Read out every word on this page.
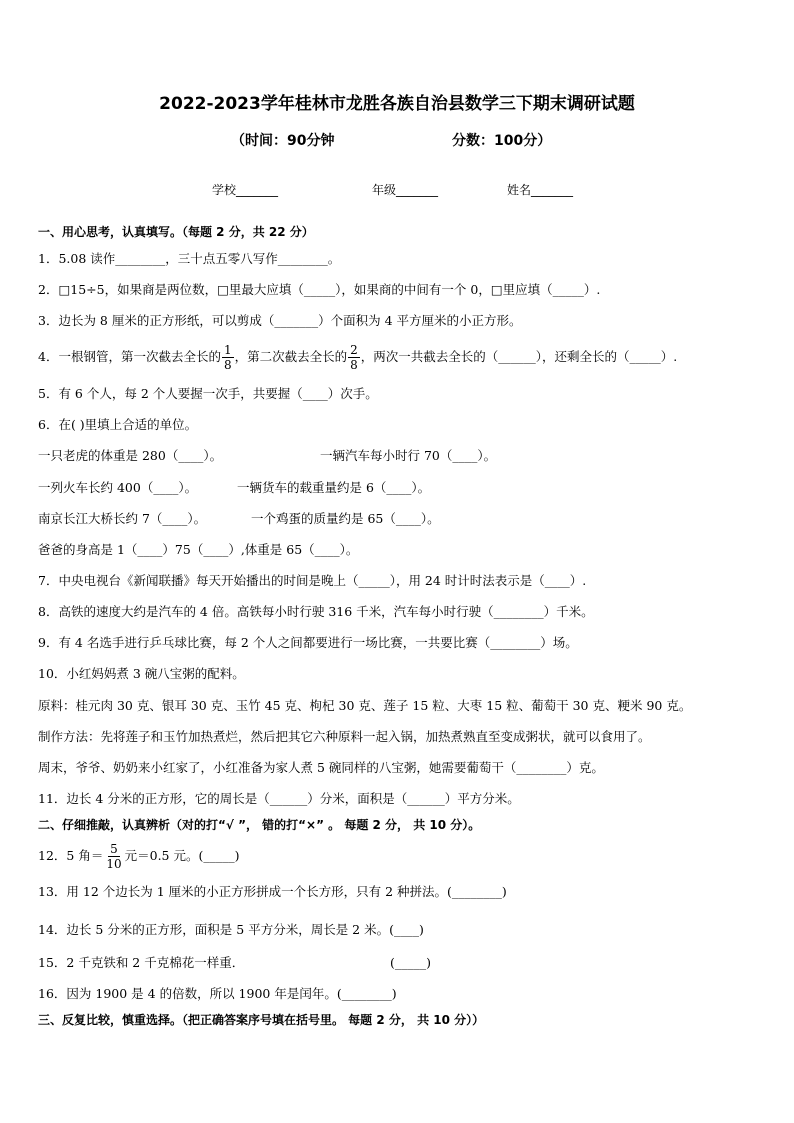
2022-2023学年桂林市龙胜各族自治县数学三下期末调研试题
（时间：90分钟	分数：100分）
学校_______	年级_______	姓名_______
一、用心思考，认真填写。（每题 2 分，共 22 分）
1．5.08 读作________，三十点五零八写作________。
2．□15÷5，如果商是两位数，□里最大应填（_____），如果商的中间有一个 0，□里应填（_____）.
3．边长为 8 厘米的正方形纸，可以剪成（_______）个面积为 4 平方厘米的小正方形。
4．一根钢管，第一次截去全长的 $\frac{1}{8}$ ，第二次截去全长的 $\frac{2}{8}$ ，两次一共截去全长的（______），还剩全长的（_____）.
5．有 6 个人，每 2 个人要握一次手，共要握（____）次手。
6．在( )里填上合适的单位。
一只老虎的体重是 280（____）。	一辆汽车每小时行 70（____）。
一列火车长约 400（____）。	一辆货车的载重量约是 6（____）。
南京长江大桥长约 7（____）。	一个鸡蛋的质量约是 65（____）。
爸爸的身高是 1（____）75（____）,体重是 65（____）。
7．中央电视台《新闻联播》每天开始播出的时间是晚上（_____），用 24 时计时法表示是（____）.
8．高铁的速度大约是汽车的 4 倍。高铁每小时行驶 316 千米，汽车每小时行驶（________）千米。
9．有 4 名选手进行乒乓球比赛，每 2 个人之间都要进行一场比赛，一共要比赛（________）场。
10．小红妈妈煮 3 碗八宝粥的配料。
原料：桂元肉 30 克、银耳 30 克、玉竹 45 克、枸杞 30 克、莲子 15 粒、大枣 15 粒、葡萄干 30 克、粳米 90 克。
制作方法：先将莲子和玉竹加热煮烂，然后把其它六种原料一起入锅，加热煮熟直至变成粥状，就可以食用了。
周末，爷爷、奶奶来小红家了，小红准备为家人煮 5 碗同样的八宝粥，她需要葡萄干（________）克。
11．边长 4 分米的正方形，它的周长是（______）分米，面积是（______）平方分米。
二、仔细推敲，认真辨析（对的打“√ ”， 错的打“×” 。 每题 2 分， 共 10 分）。
12．5 角＝ $\frac{5}{10}$ 元＝0.5 元。(_____)
13．用 12 个边长为 1 厘米的小正方形拼成一个长方形，只有 2 种拼法。(________)
14．边长 5 分米的正方形，面积是 5 平方分米，周长是 2 米。(____)
15．2 千克铁和 2 千克棉花一样重．	(_____)
16．因为 1900 是 4 的倍数，所以 1900 年是闰年。(________)
三、反复比较，慎重选择。（把正确答案序号填在括号里。 每题 2 分， 共 10 分））
